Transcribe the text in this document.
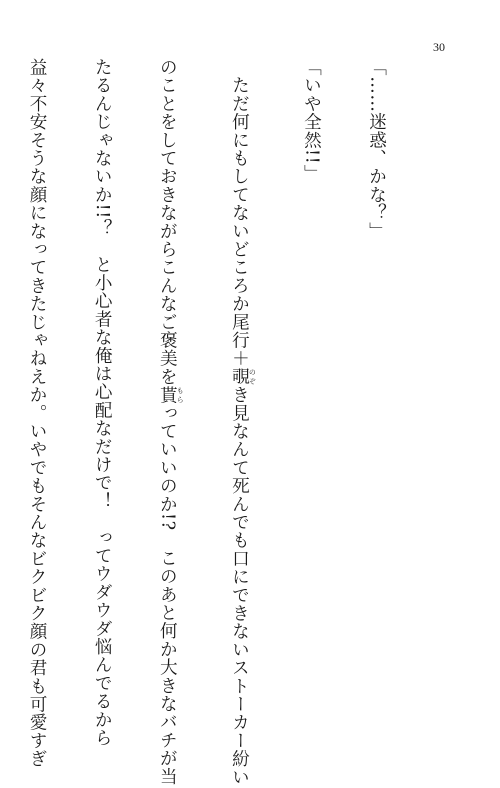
30

「……迷惑、かな？」

「いや全然!!」

　ただ何にもしてないどころか尾行＋覗 のぞき見なんて死んでも口にできないストーカー紛い

のことをしておきながらこんなご褒美を貰 もらっていいのか!?　このあと何か大きなバチが当

たるんじゃないか!!？　と小心者な俺は心配なだけで！　ってウダウダ悩んでるから

益々不安そうな顔になってきたじゃねえか。いやでもそんなビクビク顔の君も可愛すぎ
